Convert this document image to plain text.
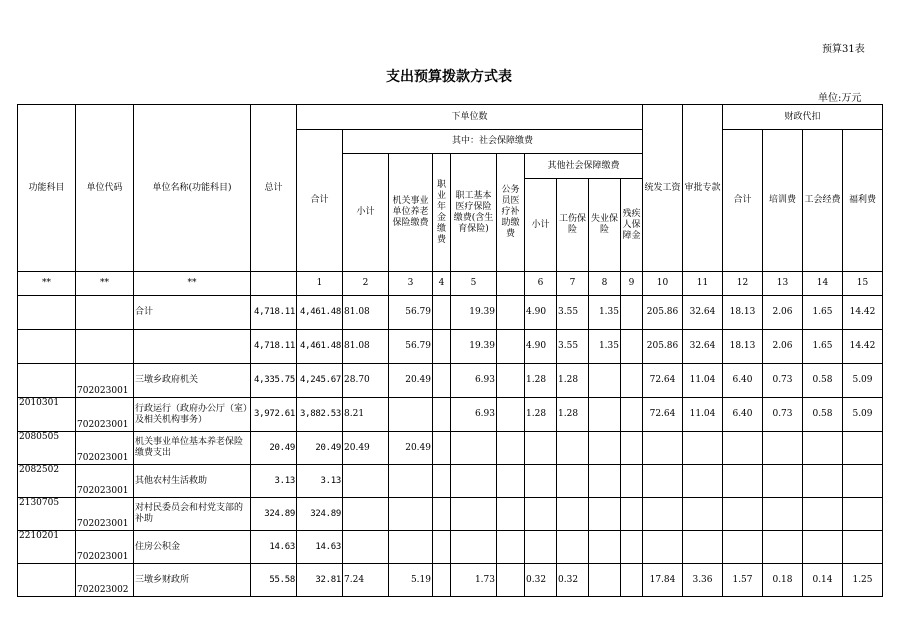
预算31表
支出预算拨款方式表
单位:万元
功能科目	单位代码	单位名称(功能科目)	总计	下单位数										统发工资	审批专款	财政代扣			
				合计	其中：社会保障缴费											合计	培训费	工会经费	福利费
					小计	机关事业单位养老保险缴费	职业年金缴费	职工基本医疗保险缴费(含生育保险)	公务员医疗补助缴费	其他社会保障缴费									
										小计	工伤保险	失业保险	残疾人保障金						
**	**	**		1	2	3	4	5		6	7	8	9	10	11	12	13	14	15
		合计	4,718.11	4,461.48	81.08	56.79		19.39		4.90	3.55	1.35		205.86	32.64	18.13	2.06	1.65	14.42
			4,718.11	4,461.48	81.08	56.79		19.39		4.90	3.55	1.35		205.86	32.64	18.13	2.06	1.65	14.42
	702023001	三墩乡政府机关	4,335.75	4,245.67	28.70	20.49		6.93		1.28	1.28			72.64	11.04	6.40	0.73	0.58	5.09
2010301	702023001	行政运行（政府办公厅（室）及相关机构事务）	3,972.61	3,882.53	8.21			6.93		1.28	1.28			72.64	11.04	6.40	0.73	0.58	5.09
2080505	702023001	机关事业单位基本养老保险缴费支出	20.49	20.49	20.49	20.49													
2082502	702023001	其他农村生活救助	3.13	3.13															
2130705	702023001	对村民委员会和村党支部的补助	324.89	324.89															
2210201	702023001	住房公积金	14.63	14.63															
	702023002	三墩乡财政所	55.58	32.81	7.24	5.19		1.73		0.32	0.32			17.84	3.36	1.57	0.18	0.14	1.25
